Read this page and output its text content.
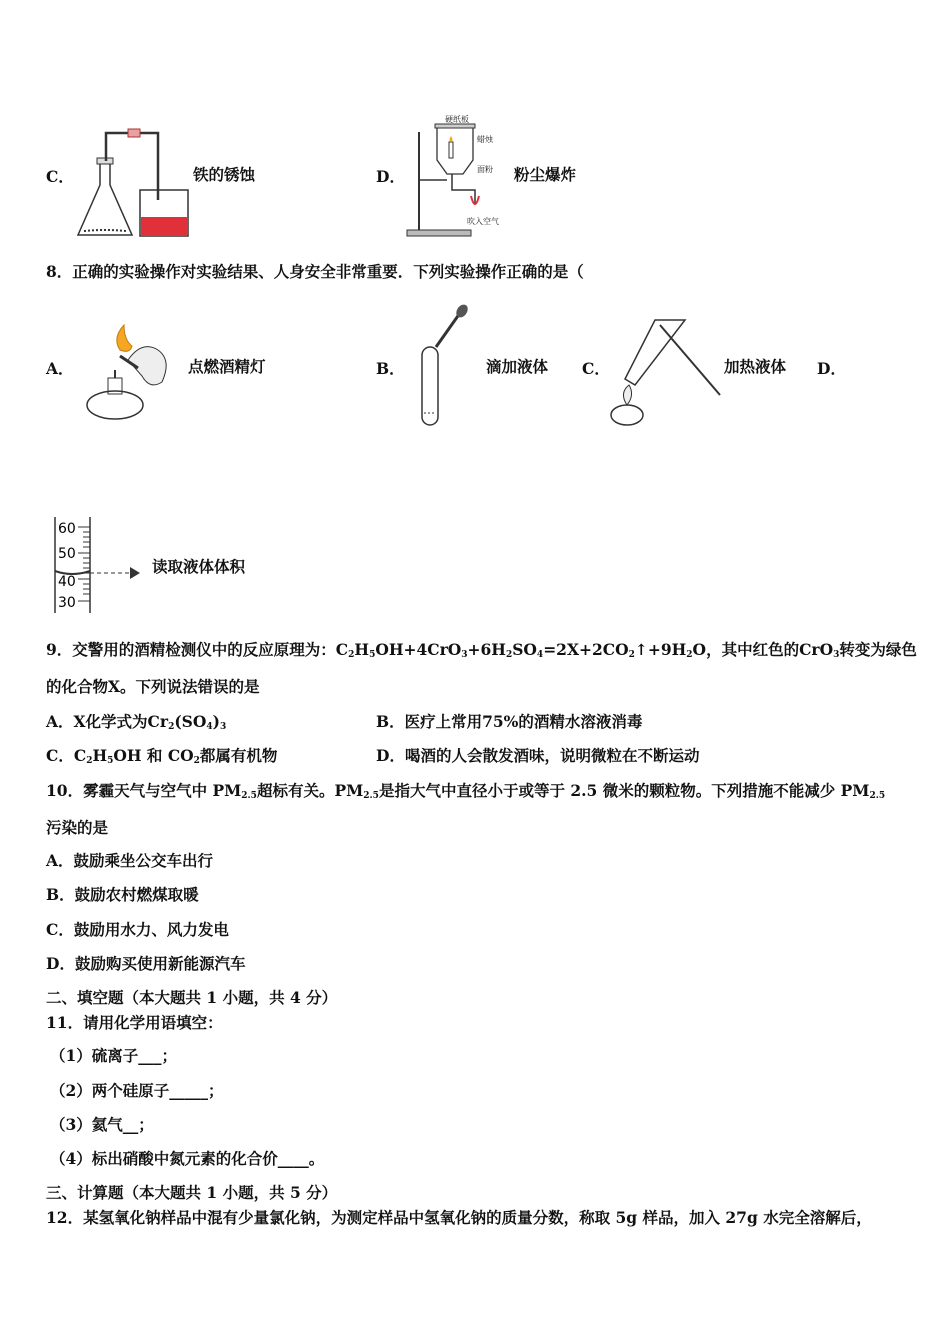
C．	铁的锈蚀	D．
硬纸板
蜡烛
面粉
吹入空气
粉尘爆炸
8．正确的实验操作对实验结果、人身安全非常重要．下列实验操作正确的是（
A．	点燃酒精灯	B．	滴加液体 C．	加热液体 D．
60
50
40
30
读取液体体积
9．交警用的酒精检测仪中的反应原理为：$C_2H_5OH+4CrO_3+6H_2SO_4=2X+2CO_2↑+9H_2O$，其中红色的CrO$_3$转变为绿色
的化合物X。下列说法错误的是
A．X化学式为$Cr_2(SO_4)_3$	B．医疗上常用75%的酒精水溶液消毒
C．$C_2H_5OH$ 和 $CO_2$都属有机物	D．喝酒的人会散发酒味，说明微粒在不断运动
10．雾霾天气与空气中 $PM_{2.5}$超标有关。$PM_{2.5}$是指大气中直径小于或等于 2.5 微米的颗粒物。下列措施不能减少 $PM_{2.5}$
污染的是
A．鼓励乘坐公交车出行
B．鼓励农村燃煤取暖
C．鼓励用水力、风力发电
D．鼓励购买使用新能源汽车
二、填空题（本大题共 1 小题，共 4 分）
11．请用化学用语填空：
（1）硫离子___；
（2）两个硅原子_____；
（3）氦气__；
（4）标出硝酸中氮元素的化合价____。
三、计算题（本大题共 1 小题，共 5 分）
12．某氢氧化钠样品中混有少量氯化钠，为测定样品中氢氧化钠的质量分数，称取 5g 样品，加入 27g 水完全溶解后，
